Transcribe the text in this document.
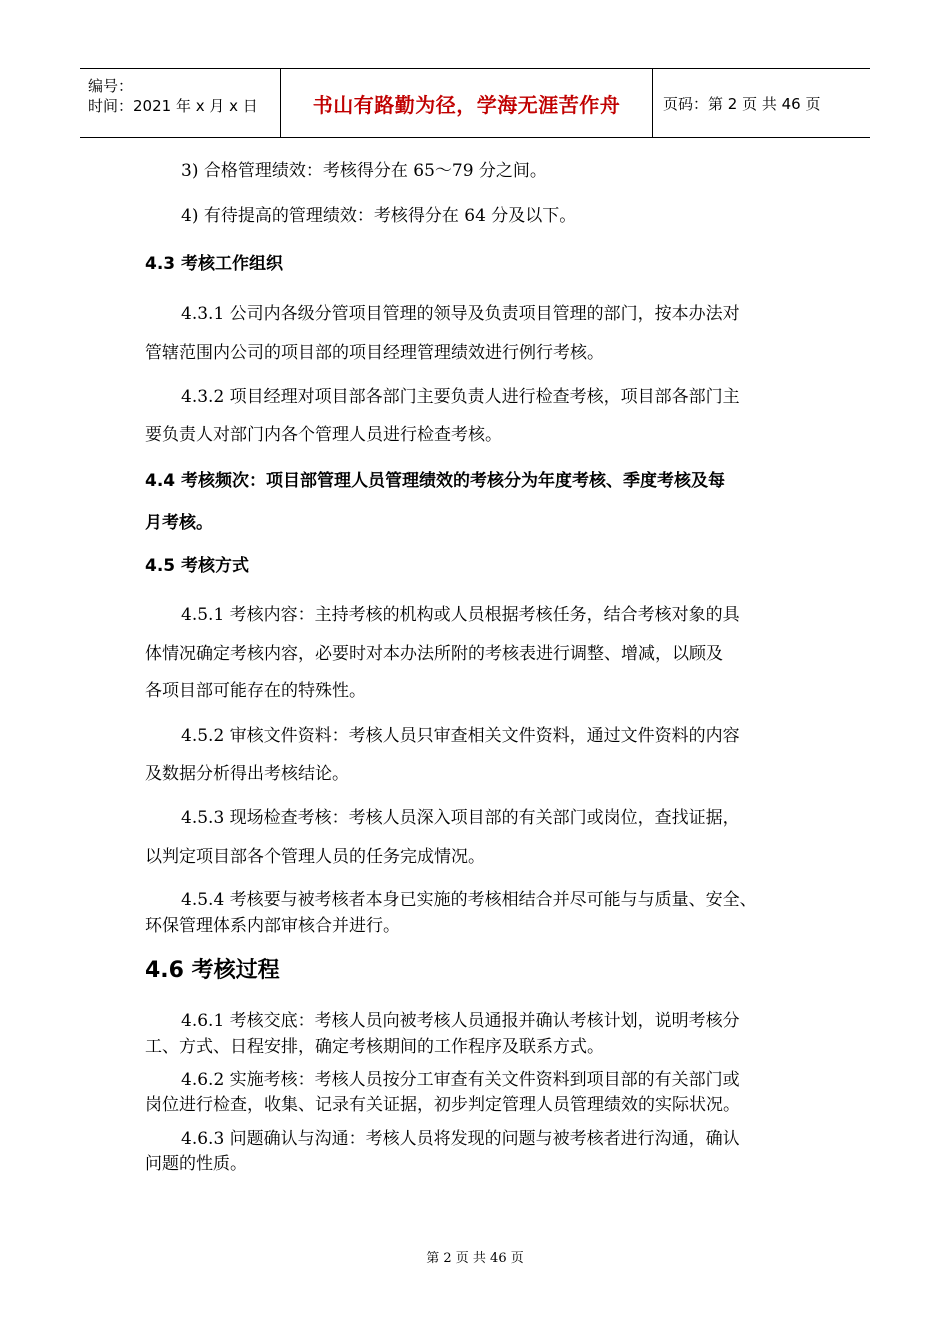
编号：
时间：2021 年 x 月 x 日	书山有路勤为径，学海无涯苦作舟	页码：第 2 页 共 46 页
3) 合格管理绩效：考核得分在 65～79 分之间。
4) 有待提高的管理绩效：考核得分在 64 分及以下。
4.3 考核工作组织
4.3.1 公司内各级分管项目管理的领导及负责项目管理的部门，按本办法对
管辖范围内公司的项目部的项目经理管理绩效进行例行考核。
4.3.2 项目经理对项目部各部门主要负责人进行检查考核，项目部各部门主
要负责人对部门内各个管理人员进行检查考核。
4.4 考核频次：项目部管理人员管理绩效的考核分为年度考核、季度考核及每
月考核。
4.5 考核方式
4.5.1 考核内容：主持考核的机构或人员根据考核任务，结合考核对象的具
体情况确定考核内容，必要时对本办法所附的考核表进行调整、增减，以顾及
各项目部可能存在的特殊性。
4.5.2 审核文件资料：考核人员只审查相关文件资料，通过文件资料的内容
及数据分析得出考核结论。
4.5.3 现场检查考核：考核人员深入项目部的有关部门或岗位，查找证据，
以判定项目部各个管理人员的任务完成情况。
4.5.4 考核要与被考核者本身已实施的考核相结合并尽可能与与质量、安全、
环保管理体系内部审核合并进行。
4.6 考核过程
4.6.1 考核交底：考核人员向被考核人员通报并确认考核计划，说明考核分
工、方式、日程安排，确定考核期间的工作程序及联系方式。
4.6.2 实施考核：考核人员按分工审查有关文件资料到项目部的有关部门或
岗位进行检查，收集、记录有关证据，初步判定管理人员管理绩效的实际状况。
4.6.3 问题确认与沟通：考核人员将发现的问题与被考核者进行沟通，确认
问题的性质。
第 2 页 共 46 页
